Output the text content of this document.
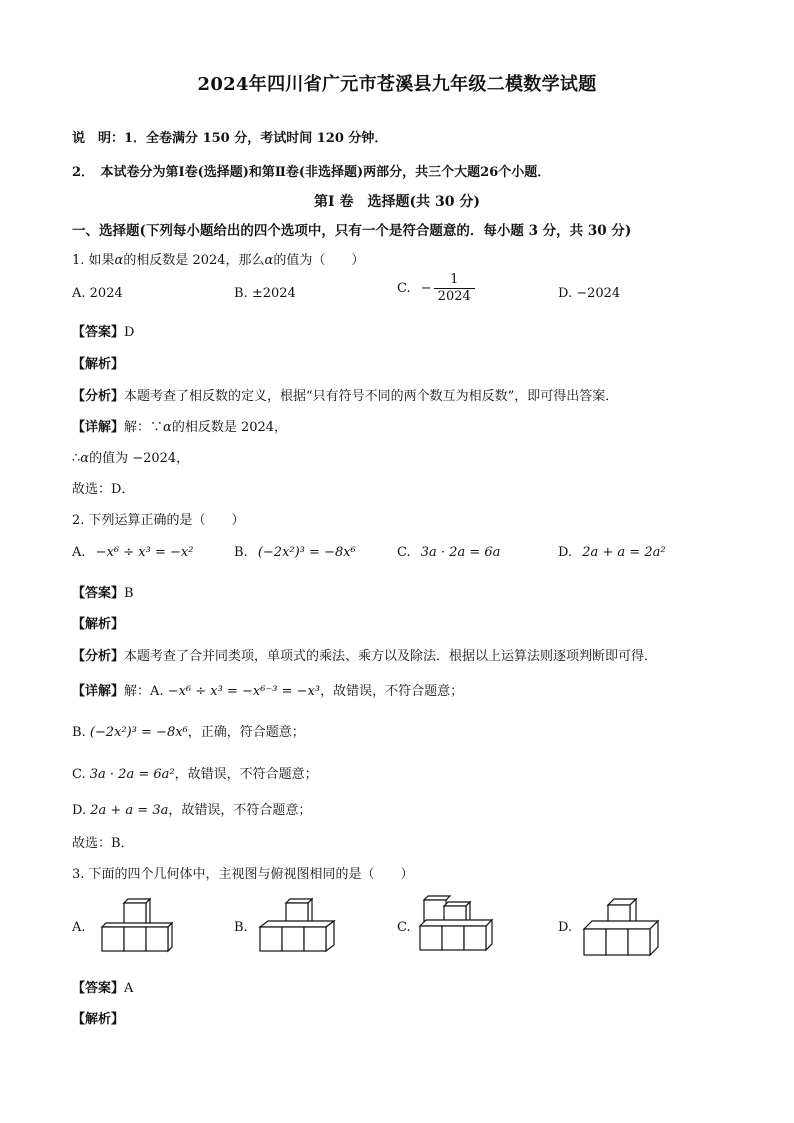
2024年四川省广元市苍溪县九年级二模数学试题
说　明：1．全卷满分 150 分，考试时间 120 分钟．
2．　本试卷分为第Ⅰ卷(选择题)和第Ⅱ卷(非选择题)两部分，共三个大题26个小题．
第Ⅰ 卷　选择题(共 30 分)
一、选择题(下列每小题给出的四个选项中，只有一个是符合题意的．每小题 3 分，共 30 分)
1. 如果α的相反数是 2024，那么α的值为（　　）
A. 2024	B. ±2024	C. − $\frac{1}{2024}$	D. −2024
【答案】D
【解析】
【分析】本题考查了相反数的定义，根据“只有符号不同的两个数互为相反数”，即可得出答案．
【详解】解：∵α的相反数是 2024，
∴α的值为 −2024，
故选：D．
2. 下列运算正确的是（　　）
A. −x⁶ ÷ x³ = −x²	B. (−2x²)³ = −8x⁶	C. 3a · 2a = 6a	D. 2a + a = 2a²
【答案】B
【解析】
【分析】本题考查了合并同类项，单项式的乘法、乘方以及除法．根据以上运算法则逐项判断即可得．
【详解】解：A. −x⁶ ÷ x³ = −x⁶⁻³ = −x³，故错误，不符合题意；
B. (−2x²)³ = −8x⁶，正确，符合题意；
C. 3a · 2a = 6a²，故错误，不符合题意；
D. 2a + a = 3a，故错误，不符合题意；
故选：B．
3. 下面的四个几何体中，主视图与俯视图相同的是（　　）
A.	B.	C.	D.
【答案】A
【解析】
